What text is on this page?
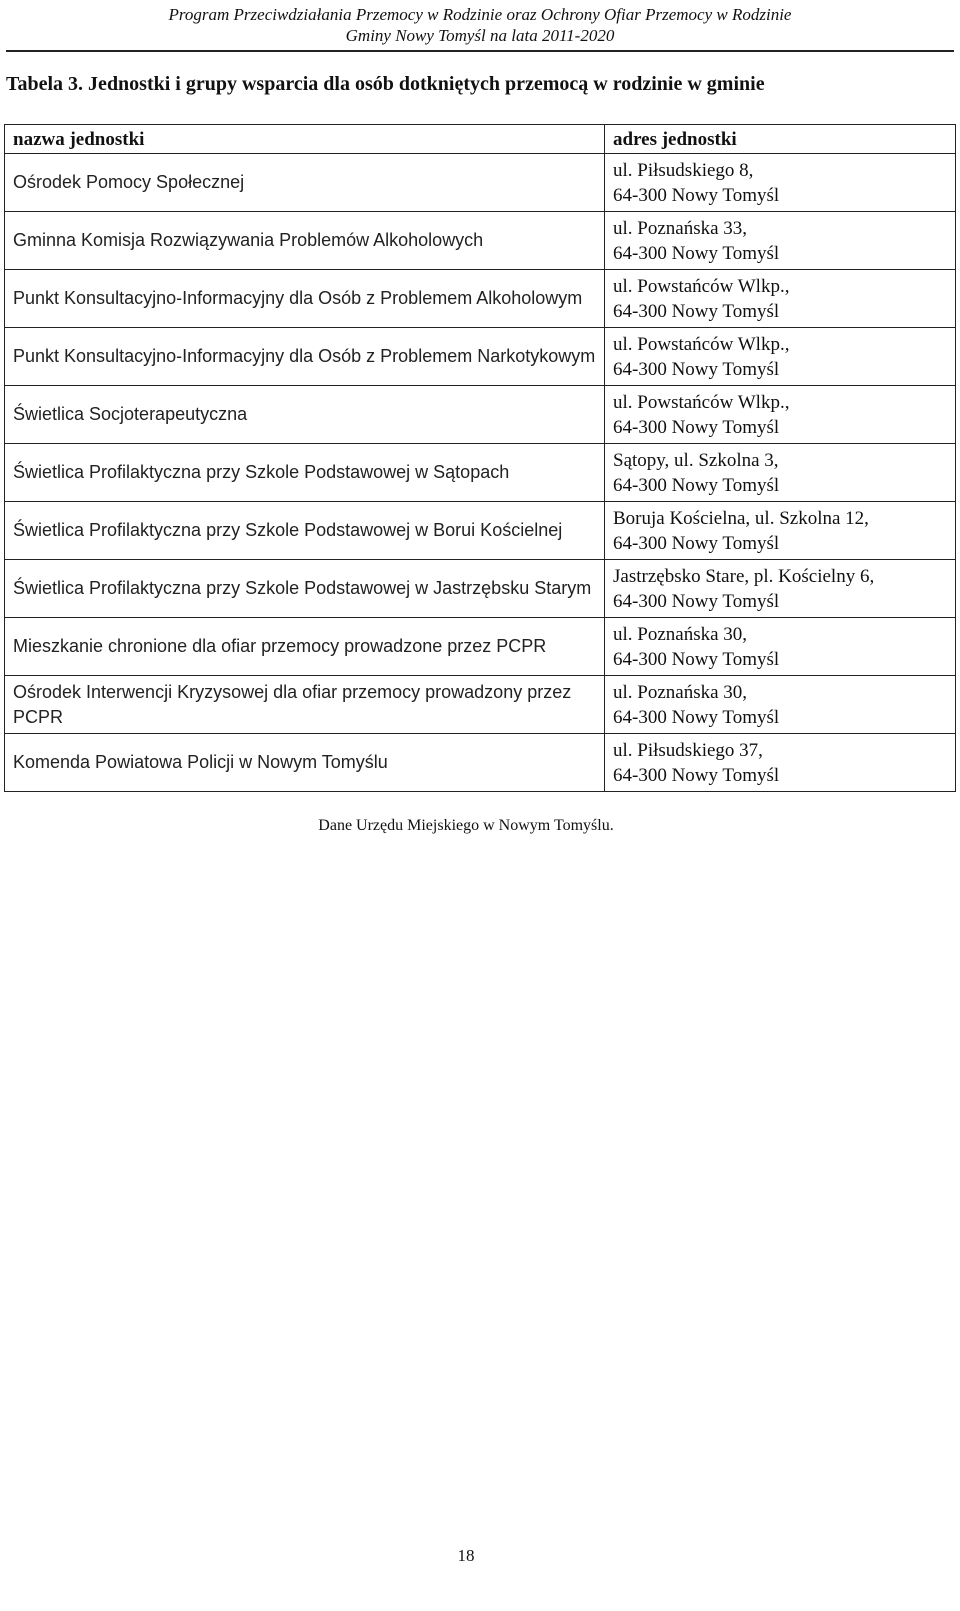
Program Przeciwdziałania Przemocy w Rodzinie oraz Ochrony Ofiar Przemocy w Rodzinie
Gminy Nowy Tomyśl na lata 2011-2020
Tabela 3. Jednostki i grupy wsparcia dla osób dotkniętych przemocą w rodzinie w gminie
nazwa jednostki	adres jednostki
Ośrodek Pomocy Społecznej	ul. Piłsudskiego 8,
64-300 Nowy Tomyśl

Gminna Komisja Rozwiązywania Problemów Alkoholowych	ul. Poznańska 33,
64-300 Nowy Tomyśl

Punkt Konsultacyjno-Informacyjny dla Osób z Problemem Alkoholowym	ul. Powstańców Wlkp.,
64-300 Nowy Tomyśl

Punkt Konsultacyjno-Informacyjny dla Osób z Problemem Narkotykowym	ul. Powstańców Wlkp.,
64-300 Nowy Tomyśl

Świetlica Socjoterapeutyczna	ul. Powstańców Wlkp.,
64-300 Nowy Tomyśl

Świetlica Profilaktyczna przy Szkole Podstawowej w Sątopach	Sątopy, ul. Szkolna 3,
64-300 Nowy Tomyśl

Świetlica Profilaktyczna przy Szkole Podstawowej w Borui Kościelnej	Boruja Kościelna, ul. Szkolna 12,
64-300 Nowy Tomyśl

Świetlica Profilaktyczna przy Szkole Podstawowej w Jastrzębsku Starym	Jastrzębsko Stare, pl. Kościelny 6,
64-300 Nowy Tomyśl

Mieszkanie chronione dla ofiar przemocy prowadzone przez PCPR	ul. Poznańska 30,
64-300 Nowy Tomyśl

Ośrodek Interwencji Kryzysowej dla ofiar przemocy prowadzony przez PCPR	ul. Poznańska 30,
64-300 Nowy Tomyśl

Komenda Powiatowa Policji w Nowym Tomyślu	ul. Piłsudskiego 37,
64-300 Nowy Tomyśl
Dane Urzędu Miejskiego w Nowym Tomyślu.
18
